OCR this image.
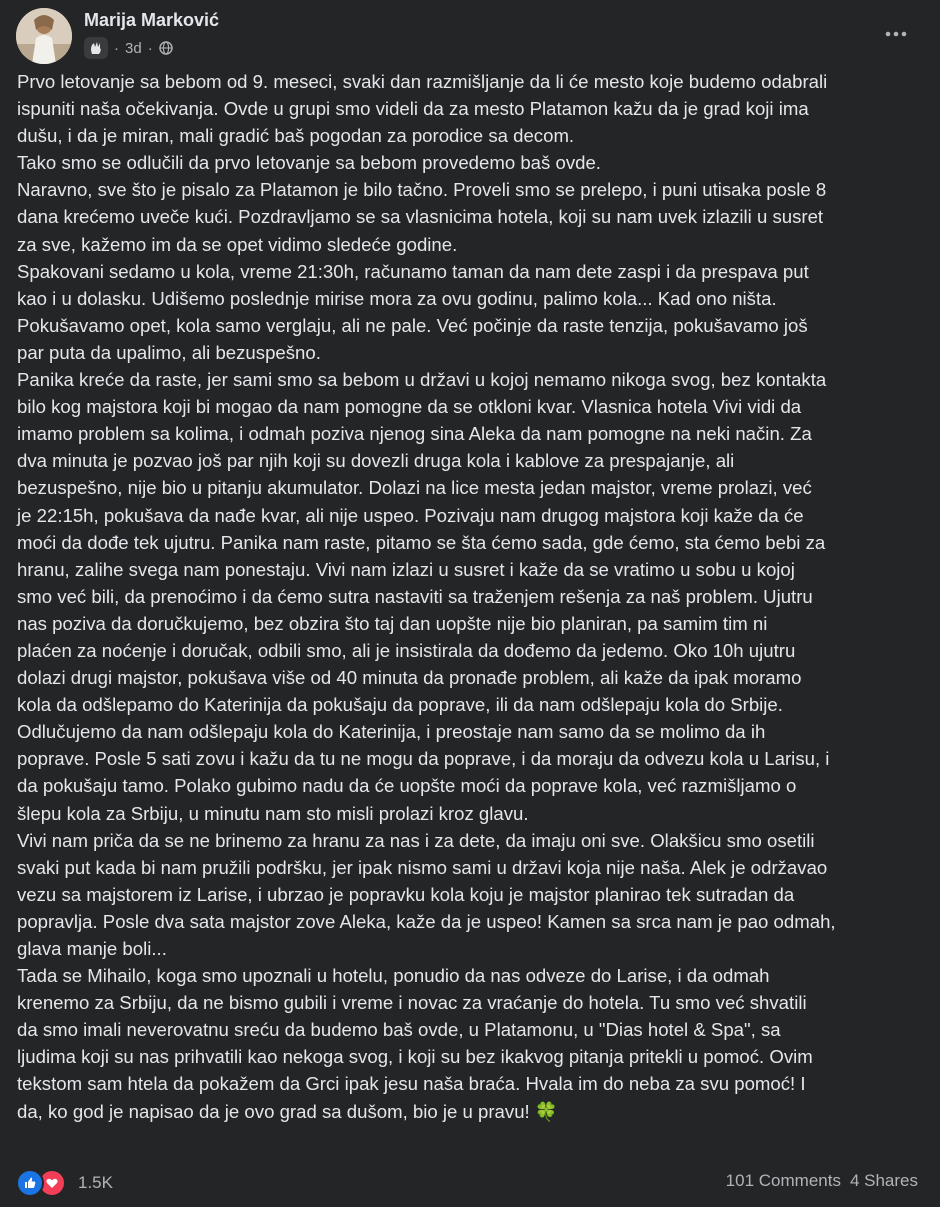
Marija Marković
· 3d ·

Prvo letovanje sa bebom od 9. meseci, svaki dan razmišljanje da li će mesto koje budemo odabrali

ispuniti naša očekivanja. Ovde u grupi smo videli da za mesto Platamon kažu da je grad koji ima

dušu, i da je miran, mali gradić baš pogodan za porodice sa decom.

Tako smo se odlučili da prvo letovanje sa bebom provedemo baš ovde.

Naravno, sve što je pisalo za Platamon je bilo tačno. Proveli smo se prelepo, i puni utisaka posle 8

dana krećemo uveče kući. Pozdravljamo se sa vlasnicima hotela, koji su nam uvek izlazili u susret

za sve, kažemo im da se opet vidimo sledeće godine.

Spakovani sedamo u kola, vreme 21:30h, računamo taman da nam dete zaspi i da prespava put

kao i u dolasku. Udišemo poslednje mirise mora za ovu godinu, palimo kola... Kad ono ništa.

Pokušavamo opet, kola samo verglaju, ali ne pale. Već počinje da raste tenzija, pokušavamo još

par puta da upalimo, ali bezuspešno.

Panika kreće da raste, jer sami smo sa bebom u državi u kojoj nemamo nikoga svog, bez kontakta

bilo kog majstora koji bi mogao da nam pomogne da se otkloni kvar. Vlasnica hotela Vivi vidi da

imamo problem sa kolima, i odmah poziva njenog sina Aleka da nam pomogne na neki način. Za

dva minuta je pozvao još par njih koji su dovezli druga kola i kablove za prespajanje, ali

bezuspešno, nije bio u pitanju akumulator. Dolazi na lice mesta jedan majstor, vreme prolazi, već

je 22:15h, pokušava da nađe kvar, ali nije uspeo. Pozivaju nam drugog majstora koji kaže da će

moći da dođe tek ujutru. Panika nam raste, pitamo se šta ćemo sada, gde ćemo, sta ćemo bebi za

hranu, zalihe svega nam ponestaju. Vivi nam izlazi u susret i kaže da se vratimo u sobu u kojoj

smo već bili, da prenoćimo i da ćemo sutra nastaviti sa traženjem rešenja za naš problem. Ujutru

nas poziva da doručkujemo, bez obzira što taj dan uopšte nije bio planiran, pa samim tim ni

plaćen za noćenje i doručak, odbili smo, ali je insistirala da dođemo da jedemo. Oko 10h ujutru

dolazi drugi majstor, pokušava više od 40 minuta da pronađe problem, ali kaže da ipak moramo

kola da odšlepamo do Katerinija da pokušaju da poprave, ili da nam odšlepaju kola do Srbije.

Odlučujemo da nam odšlepaju kola do Katerinija, i preostaje nam samo da se molimo da ih

poprave. Posle 5 sati zovu i kažu da tu ne mogu da poprave, i da moraju da odvezu kola u Larisu, i

da pokušaju tamo. Polako gubimo nadu da će uopšte moći da poprave kola, već razmišljamo o

šlepu kola za Srbiju, u minutu nam sto misli prolazi kroz glavu.

Vivi nam priča da se ne brinemo za hranu za nas i za dete, da imaju oni sve. Olakšicu smo osetili

svaki put kada bi nam pružili podršku, jer ipak nismo sami u državi koja nije naša. Alek je održavao

vezu sa majstorem iz Larise, i ubrzao je popravku kola koju je majstor planirao tek sutradan da

popravlja. Posle dva sata majstor zove Aleka, kaže da je uspeo! Kamen sa srca nam je pao odmah,

glava manje boli...

Tada se Mihailo, koga smo upoznali u hotelu, ponudio da nas odveze do Larise, i da odmah

krenemo za Srbiju, da ne bismo gubili i vreme i novac za vraćanje do hotela. Tu smo već shvatili

da smo imali neverovatnu sreću da budemo baš ovde, u Platamonu, u "Dias hotel & Spa", sa

ljudima koji su nas prihvatili kao nekoga svog, i koji su bez ikakvog pitanja pritekli u pomoć. Ovim

tekstom sam htela da pokažem da Grci ipak jesu naša braća. Hvala im do neba za svu pomoć! I

da, ko god je napisao da je ovo grad sa dušom, bio je u pravu! 🍀

1.5K	101 Comments 4 Shares
